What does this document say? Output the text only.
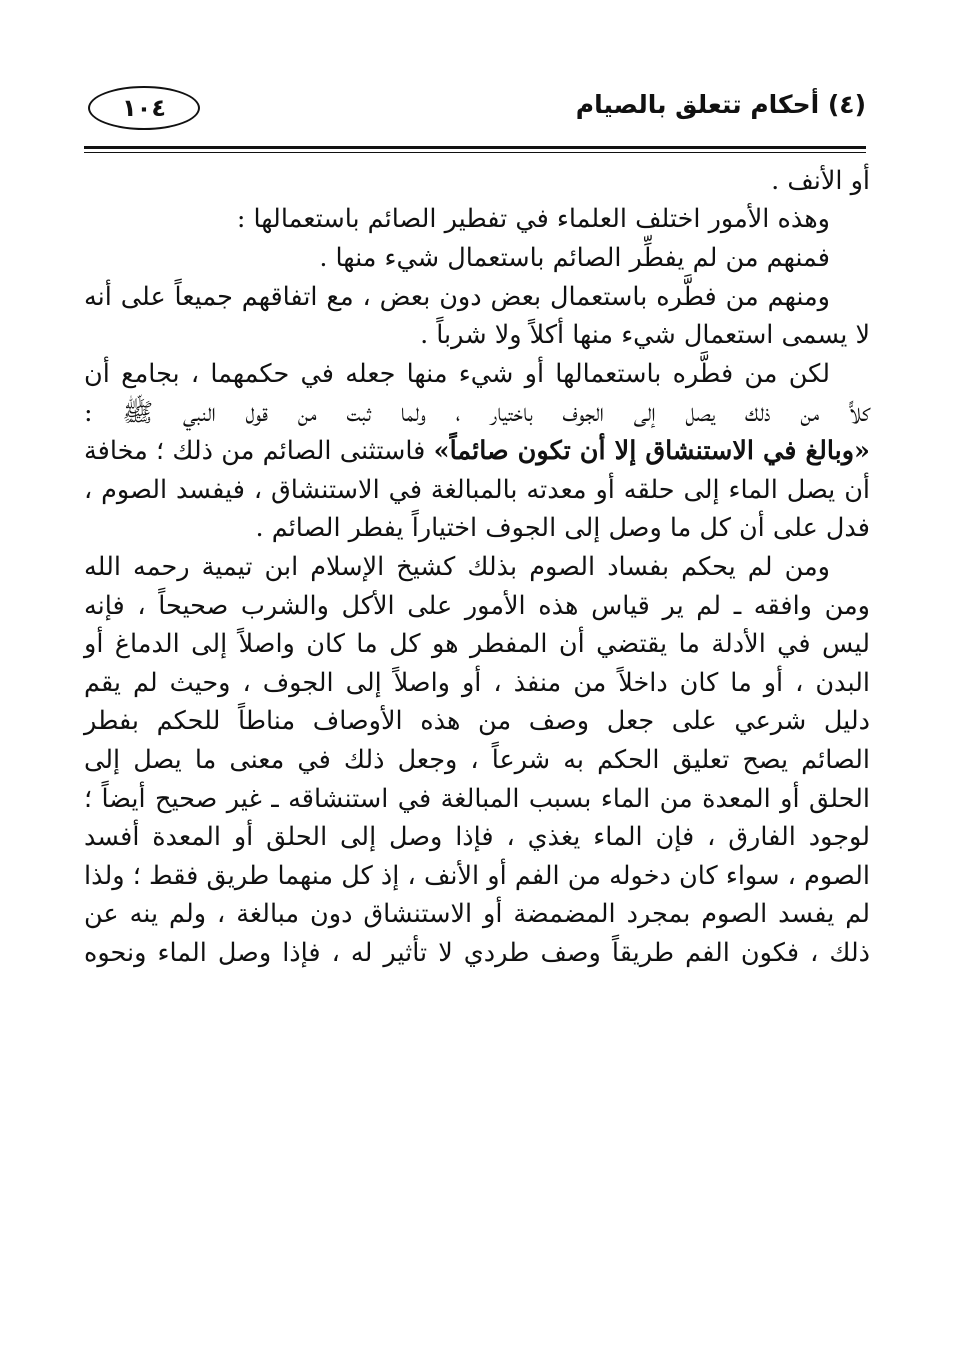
١٠٤	(٤) أحكام تتعلق بالصيام
أو الأنف .
وهذه الأمور اختلف العلماء في تفطير الصائم باستعمالها :
فمنهم من لم يفطِّر الصائم باستعمال شيء منها .
ومنهم من فطَّره باستعمال بعض دون بعض ، مع اتفاقهم جميعاً على أنه
لا يسمى استعمال شيء منها أكلاً ولا شرباً .
لكن من فطَّره باستعمالها أو شيء منها جعله في حكمهما ، بجامع أن
كلاًّ من ذلك يصل إلى الجوف باختيار ، ولما ثبت من قول النبي ﷺ :
«وبالغ في الاستنشاق إلا أن تكون صائماً» فاستثنى الصائم من ذلك ؛ مخافة
أن يصل الماء إلى حلقه أو معدته بالمبالغة في الاستنشاق ، فيفسد الصوم ،
فدل على أن كل ما وصل إلى الجوف اختياراً يفطر الصائم .
ومن لم يحكم بفساد الصوم بذلك كشيخ الإسلام ابن تيمية رحمه الله
ومن وافقه ـ لم ير قياس هذه الأمور على الأكل والشرب صحيحاً ، فإنه
ليس في الأدلة ما يقتضي أن المفطر هو كل ما كان واصلاً إلى الدماغ أو
البدن ، أو ما كان داخلاً من منفذ ، أو واصلاً إلى الجوف ، وحيث لم يقم
دليل شرعي على جعل وصف من هذه الأوصاف مناطاً للحكم بفطر
الصائم يصح تعليق الحكم به شرعاً ، وجعل ذلك في معنى ما يصل إلى
الحلق أو المعدة من الماء بسبب المبالغة في استنشاقه ـ غير صحيح أيضاً ؛
لوجود الفارق ، فإن الماء يغذي ، فإذا وصل إلى الحلق أو المعدة أفسد
الصوم ، سواء كان دخوله من الفم أو الأنف ، إذ كل منهما طريق فقط ؛ ولذا
لم يفسد الصوم بمجرد المضمضة أو الاستنشاق دون مبالغة ، ولم ينه عن
ذلك ، فكون الفم طريقاً وصف طردي لا تأثير له ، فإذا وصل الماء ونحوه
